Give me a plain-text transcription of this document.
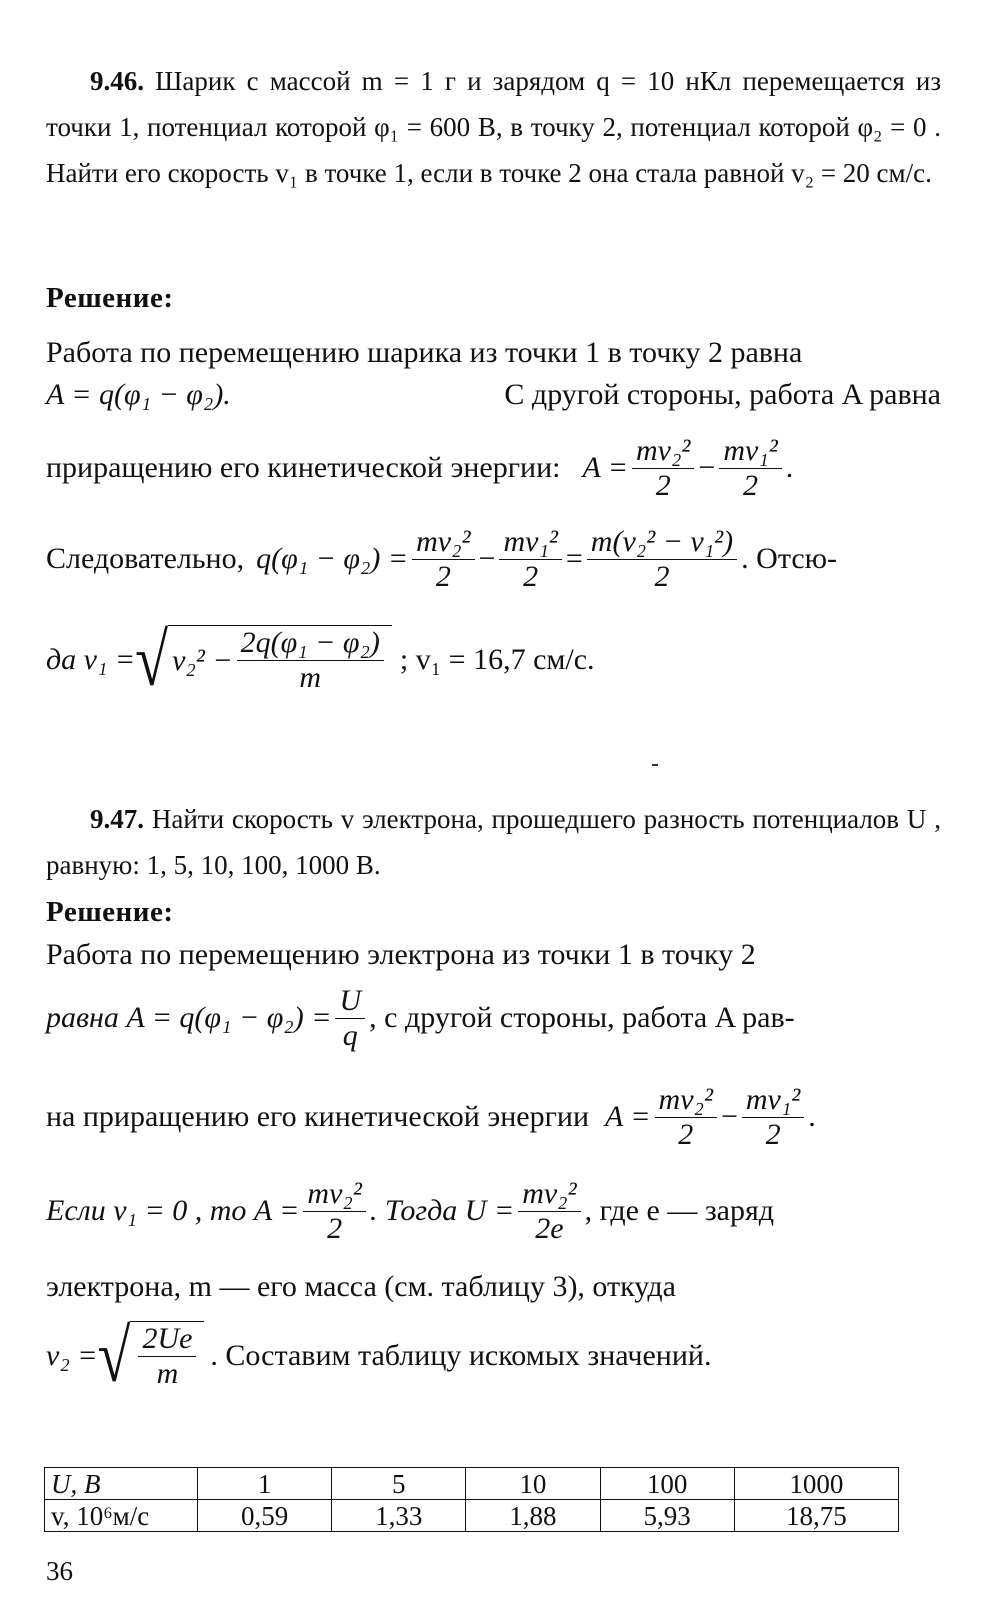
9.46. Шарик с массой m = 1 г и зарядом q = 10 нКл перемещается из точки 1, потенциал которой φ₁ = 600 В, в точку 2, потенциал которой φ₂ = 0 . Найти его скорость v₁ в точке 1, если в точке 2 она стала равной v₂ = 20 см/с.

Решение:

Работа по перемещению шарика из точки 1 в точку 2 равна

A = q(φ₁ − φ₂).	С другой стороны, работа A равна
приращению его кинетической энергии: $A = \frac{\text{mv₂²}}{2} - \frac{\text{mv₁²}}{2}$ .
Следовательно, $q(\varphi_1 - \varphi_2) = \frac{\text{mv₂²}}{2} - \frac{\text{mv₁²}}{2} = \frac{\text{m(v₂² − v₁²)}}{2}$ . Отсю-
да v₁ = √ $v_2^2 - \frac{\text{2q(φ₁ − φ₂)}}{m}$ ; v₁ = 16,7 см/с.

9.47. Найти скорость v электрона, прошедшего разность потенциалов U , равную: 1, 5, 10, 100, 1000 В.

Решение:

Работа по перемещению электрона из точки 1 в точку 2

равна $A = q(\varphi_1 - \varphi_2) = \frac{U}{q}$ , с другой стороны, работа A рав-
на приращению его кинетической энергии $A = \frac{\text{mv₂²}}{2} - \frac{\text{mv₁²}}{2}$ .
Если v₁ = 0 , то $A = \frac{\text{mv₂²}}{2}$ . Тогда $U = \frac{\text{mv₂²}}{2e}$ , где e — заряд

электрона, m — его масса (см. таблицу 3), откуда

v₂ = √ $\frac{2Ue}{m}$ . Составим таблицу искомых значений.
U, В	1	5	10	100	1000
v, 10⁶м/с	0,59	1,33	1,88	5,93	18,75
36
